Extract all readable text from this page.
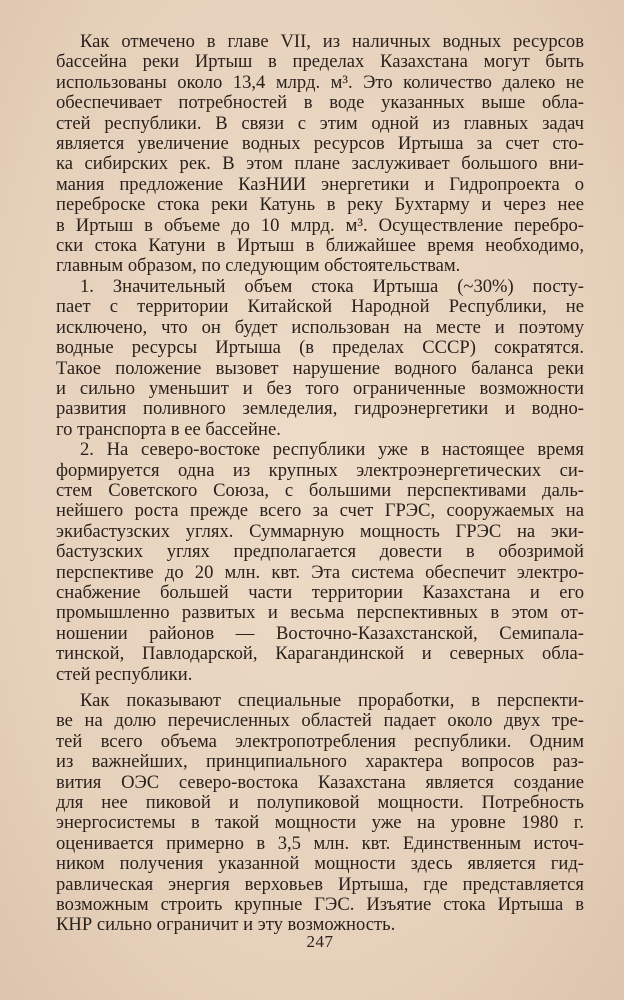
Как отмечено в главе VII, из наличных водных ресурсов
бассейна реки Иртыш в пределах Казахстана могут быть
использованы около 13,4 млрд. м³. Это количество далеко не
обеспечивает потребностей в воде указанных выше обла-
стей республики. В связи с этим одной из главных задач
является увеличение водных ресурсов Иртыша за счет сто-
ка сибирских рек. В этом плане заслуживает большого вни-
мания предложение КазНИИ энергетики и Гидропроекта о
переброске стока реки Катунь в реку Бухтарму и через нее
в Иртыш в объеме до 10 млрд. м³. Осуществление перебро-
ски стока Катуни в Иртыш в ближайшее время необходимо,
главным образом, по следующим обстоятельствам.
1. Значительный объем стока Иртыша (~30%) посту-
пает с территории Китайской Народной Республики, не
исключено, что он будет использован на месте и поэтому
водные ресурсы Иртыша (в пределах СССР) сократятся.
Такое положение вызовет нарушение водного баланса реки
и сильно уменьшит и без того ограниченные возможности
развития поливного земледелия, гидроэнергетики и водно-
го транспорта в ее бассейне.
2. На северо-востоке республики уже в настоящее время
формируется одна из крупных электроэнергетических си-
стем Советского Союза, с большими перспективами даль-
нейшего роста прежде всего за счет ГРЭС, сооружаемых на
экибастузских углях. Суммарную мощность ГРЭС на эки-
бастузских углях предполагается довести в обозримой
перспективе до 20 млн. квт. Эта система обеспечит электро-
снабжение большей части территории Казахстана и его
промышленно развитых и весьма перспективных в этом от-
ношении районов — Восточно-Казахстанской, Семипала-
тинской, Павлодарской, Карагандинской и северных обла-
стей республики.
Как показывают специальные проработки, в перспекти-
ве на долю перечисленных областей падает около двух тре-
тей всего объема электропотребления республики. Одним
из важнейших, принципиального характера вопросов раз-
вития ОЭС северо-востока Казахстана является создание
для нее пиковой и полупиковой мощности. Потребность
энергосистемы в такой мощности уже на уровне 1980 г.
оценивается примерно в 3,5 млн. квт. Единственным источ-
ником получения указанной мощности здесь является гид-
равлическая энергия верховьев Иртыша, где представляется
возможным строить крупные ГЭС. Изъятие стока Иртыша в
КНР сильно ограничит и эту возможность.
247
